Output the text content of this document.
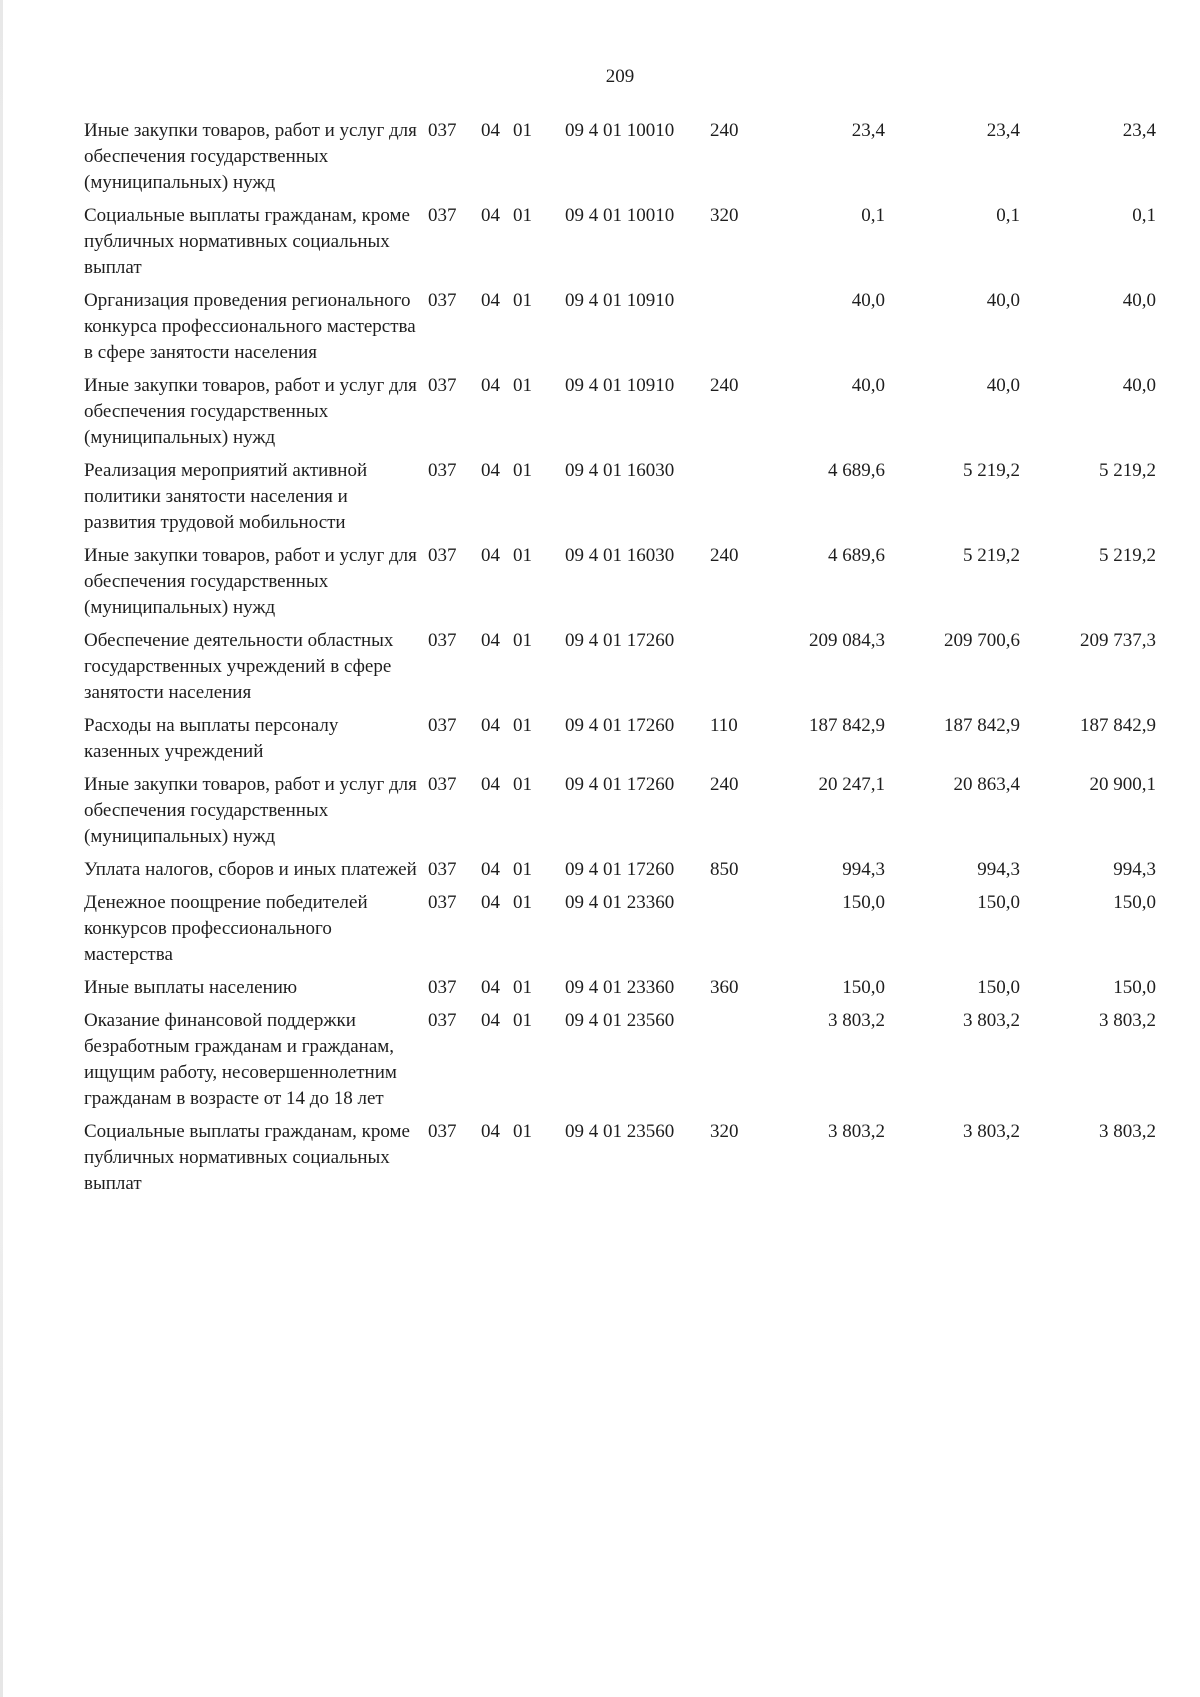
209
Иные закупки товаров, работ и услуг для обеспечения государственных (муниципальных) нужд
037 04 01 09 4 01 10010 240	23,4	23,4	23,4
Социальные выплаты гражданам, кроме публичных нормативных социальных выплат
037 04 01 09 4 01 10010 320	0,1	0,1	0,1
Организация проведения регионального конкурса профессионального мастерства в сфере занятости населения
037 04 01 09 4 01 10910	40,0	40,0	40,0
Иные закупки товаров, работ и услуг для обеспечения государственных (муниципальных) нужд
037 04 01 09 4 01 10910 240	40,0	40,0	40,0
Реализация мероприятий активной политики занятости населения и развития трудовой мобильности
037 04 01 09 4 01 16030	4 689,6	5 219,2	5 219,2
Иные закупки товаров, работ и услуг для обеспечения государственных (муниципальных) нужд
037 04 01 09 4 01 16030 240	4 689,6	5 219,2	5 219,2
Обеспечение деятельности областных государственных учреждений в сфере занятости населения
037 04 01 09 4 01 17260	209 084,3	209 700,6	209 737,3
Расходы на выплаты персоналу казенных учреждений
037 04 01 09 4 01 17260 110	187 842,9	187 842,9	187 842,9
Иные закупки товаров, работ и услуг для обеспечения государственных (муниципальных) нужд
037 04 01 09 4 01 17260 240	20 247,1	20 863,4	20 900,1
Уплата налогов, сборов и иных платежей 037 04 01 09 4 01 17260 850	994,3	994,3	994,3
Денежное поощрение победителей конкурсов профессионального мастерства
037 04 01 09 4 01 23360	150,0	150,0	150,0
Иные выплаты населению	037 04 01 09 4 01 23360 360	150,0	150,0	150,0
Оказание финансовой поддержки безработным гражданам и гражданам, ищущим работу, несовершеннолетним гражданам в возрасте от 14 до 18 лет
037 04 01 09 4 01 23560	3 803,2	3 803,2	3 803,2
Социальные выплаты гражданам, кроме публичных нормативных социальных выплат
037 04 01 09 4 01 23560 320	3 803,2	3 803,2	3 803,2
